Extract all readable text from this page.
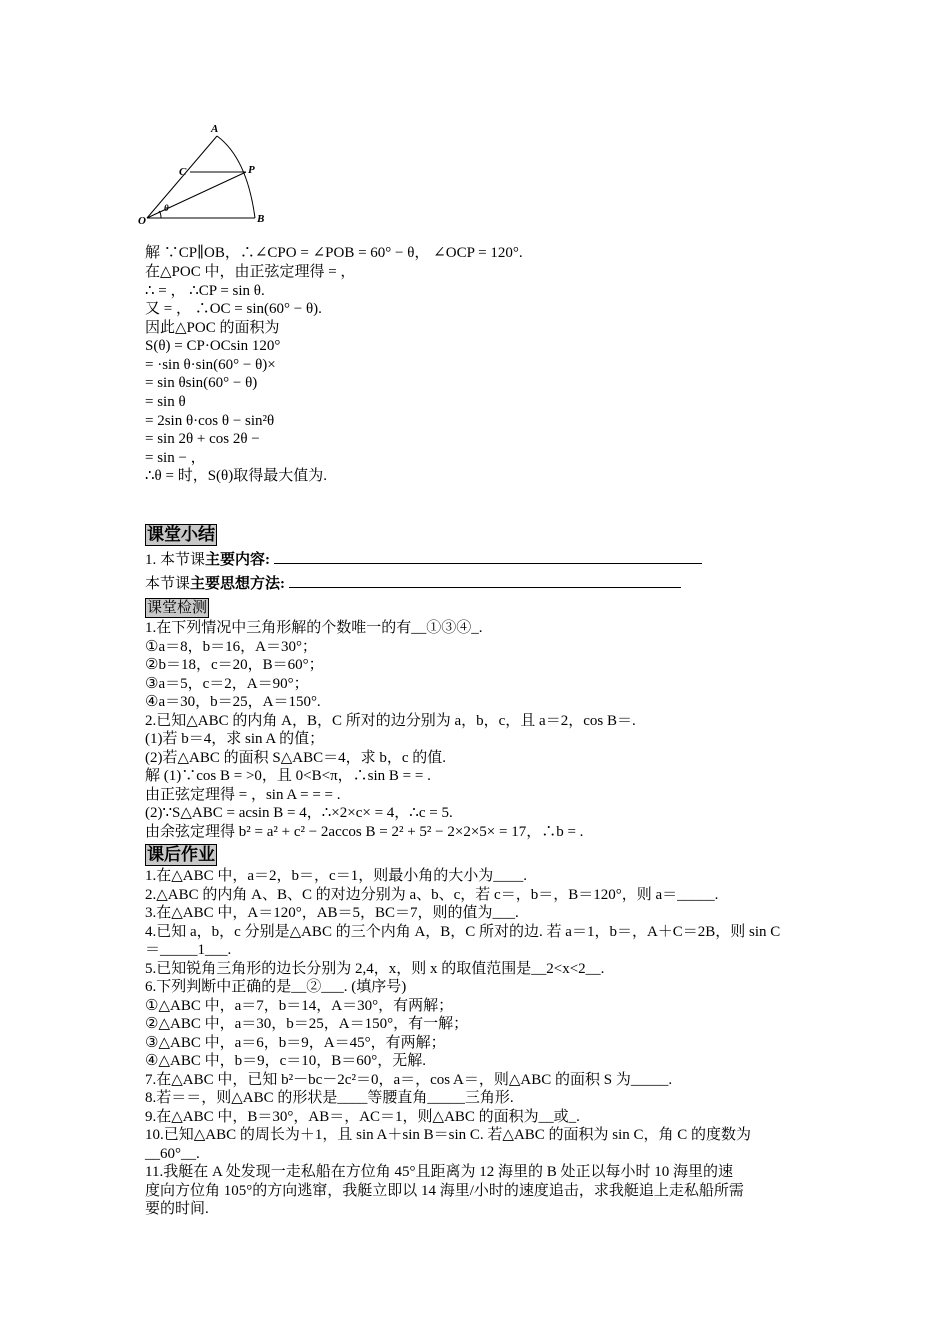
A
C	P
O	B
θ
解 ∵CP∥OB，∴∠CPO = ∠POB = 60° − θ， ∠OCP = 120°.
在△POC 中，由正弦定理得 = ，
∴ = ， ∴CP = sin θ.
又 = ， ∴OC = sin(60° − θ).
因此△POC 的面积为
S(θ) = CP·OCsin 120°
= ·sin θ·sin(60° − θ)×
= sin θsin(60° − θ)
= sin θ
= 2sin θ·cos θ − sin²θ
= sin 2θ + cos 2θ −
= sin − ，
∴θ = 时，S(θ)取得最大值为.
课堂小结
1. 本节课主要内容:
本节课主要思想方法:
课堂检测
1.在下列情况中三角形解的个数唯一的有__①③④_.
①a＝8，b＝16，A＝30°；
②b＝18，c＝20，B＝60°；
③a＝5，c＝2，A＝90°；
④a＝30，b＝25，A＝150°.
2.已知△ABC 的内角 A，B，C 所对的边分别为 a，b，c，且 a＝2，cos B＝.
(1)若 b＝4，求 sin A 的值；
(2)若△ABC 的面积 S△ABC＝4，求 b，c 的值.
解 (1)∵cos B = >0，且 0<B<π，∴sin B = = .
由正弦定理得 = ，sin A = = = .
(2)∵S△ABC = acsin B = 4，∴×2×c× = 4，∴c = 5.
由余弦定理得 b² = a² + c² − 2accos B = 2² + 5² − 2×2×5× = 17，∴b = .
课后作业
1.在△ABC 中，a＝2，b＝，c＝1，则最小角的大小为____.
2.△ABC 的内角 A、B、C 的对边分别为 a、b、c，若 c＝，b＝，B＝120°，则 a＝_____.
3.在△ABC 中，A＝120°，AB＝5，BC＝7，则的值为___.
4.已知 a，b，c 分别是△ABC 的三个内角 A，B，C 所对的边. 若 a＝1，b＝，A＋C＝2B，则 sin C
＝_____1___.
5.已知锐角三角形的边长分别为 2,4，x，则 x 的取值范围是__2<x<2__.
6.下列判断中正确的是__②___. (填序号)
①△ABC 中，a＝7，b＝14，A＝30°，有两解；
②△ABC 中，a＝30，b＝25，A＝150°，有一解；
③△ABC 中，a＝6，b＝9，A＝45°，有两解；
④△ABC 中，b＝9，c＝10，B＝60°，无解.
7.在△ABC 中，已知 b²－bc－2c²＝0，a＝，cos A＝，则△ABC 的面积 S 为_____.
8.若＝＝，则△ABC 的形状是____等腰直角_____三角形.
9.在△ABC 中，B＝30°，AB＝，AC＝1，则△ABC 的面积为__或_.
10.已知△ABC 的周长为＋1，且 sin A＋sin B＝sin C. 若△ABC 的面积为 sin C，角 C 的度数为
__60°__.
11.我艇在 A 处发现一走私船在方位角 45°且距离为 12 海里的 B 处正以每小时 10 海里的速
度向方位角 105°的方向逃窜，我艇立即以 14 海里/小时的速度追击，求我艇追上走私船所需
要的时间.
